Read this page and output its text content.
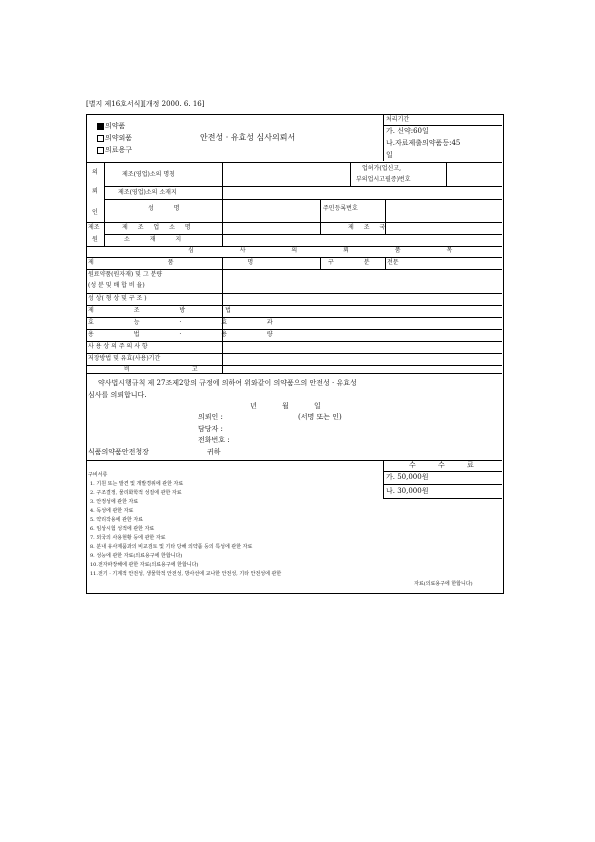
[별지 제16호서식][개정 2000. 6. 16]
의약품
의약외품
의료용구
안전성 · 유효성 심사의뢰서
처리기간
가. 신약:60일
나.자료제출의약품등:45
일
의
뢰
인
제조(영업)소의 명칭
업허가(업신고,
부의업시고필증)번호
제조(영업)소의 소재지
성 명	주민등록번호
제조
원
제 조 업 소 명	제 조 국
소 재 지
심 사 의 뢰 품 목
제 품 명	구 분 전문
원료약품(원자재) 및 그 분량
(성 분 및 배 합 비 율)
성 상( 형 상 및 구 조 )
제 조 방 법
효 능 · 효 과
용 법 · 용 량
사 용 상 의 주 의 사 항
저장방법 및 유효(사용)기간
비 고
약사법시행규칙 제 27조제2항의 규정에 의하여 위와같이 의약품으의 안전성 · 유효성
심사를 의뢰합니다.
년	월	일
의뢰인 :	(서명 또는 인)
담당자 :
전화번호 :
식품의약품안전청장	귀하
수 수 료
가. 50,000원
나. 30,000원
구비서류
1. 기원 또는 발견 및 개발경위에 관한 자료
2. 구조결정, 물리화학적 성질에 관한 자료
3. 안정성에 관한 자료
4. 독성에 관한 자료
5. 약리작용에 관한 자료
6. 임상시험 성적에 관한 자료
7. 외국의 사용현황 등에 관한 자료
8. 분내 유사제품과의 비교검토 및 기타 당해 의약품 등의 특성에 관한 자료
9. 성능에 관한 자료(의료용구에 한합니다)
10.전자파장해에 관한 자료(의료용구에 한합니다)
11.전기 · 기계적 안전성, 생물학적 안전성, 방사선에 교나한 안전성, 기타 안전성에 관한
자료(의료용구에 한합니다)
